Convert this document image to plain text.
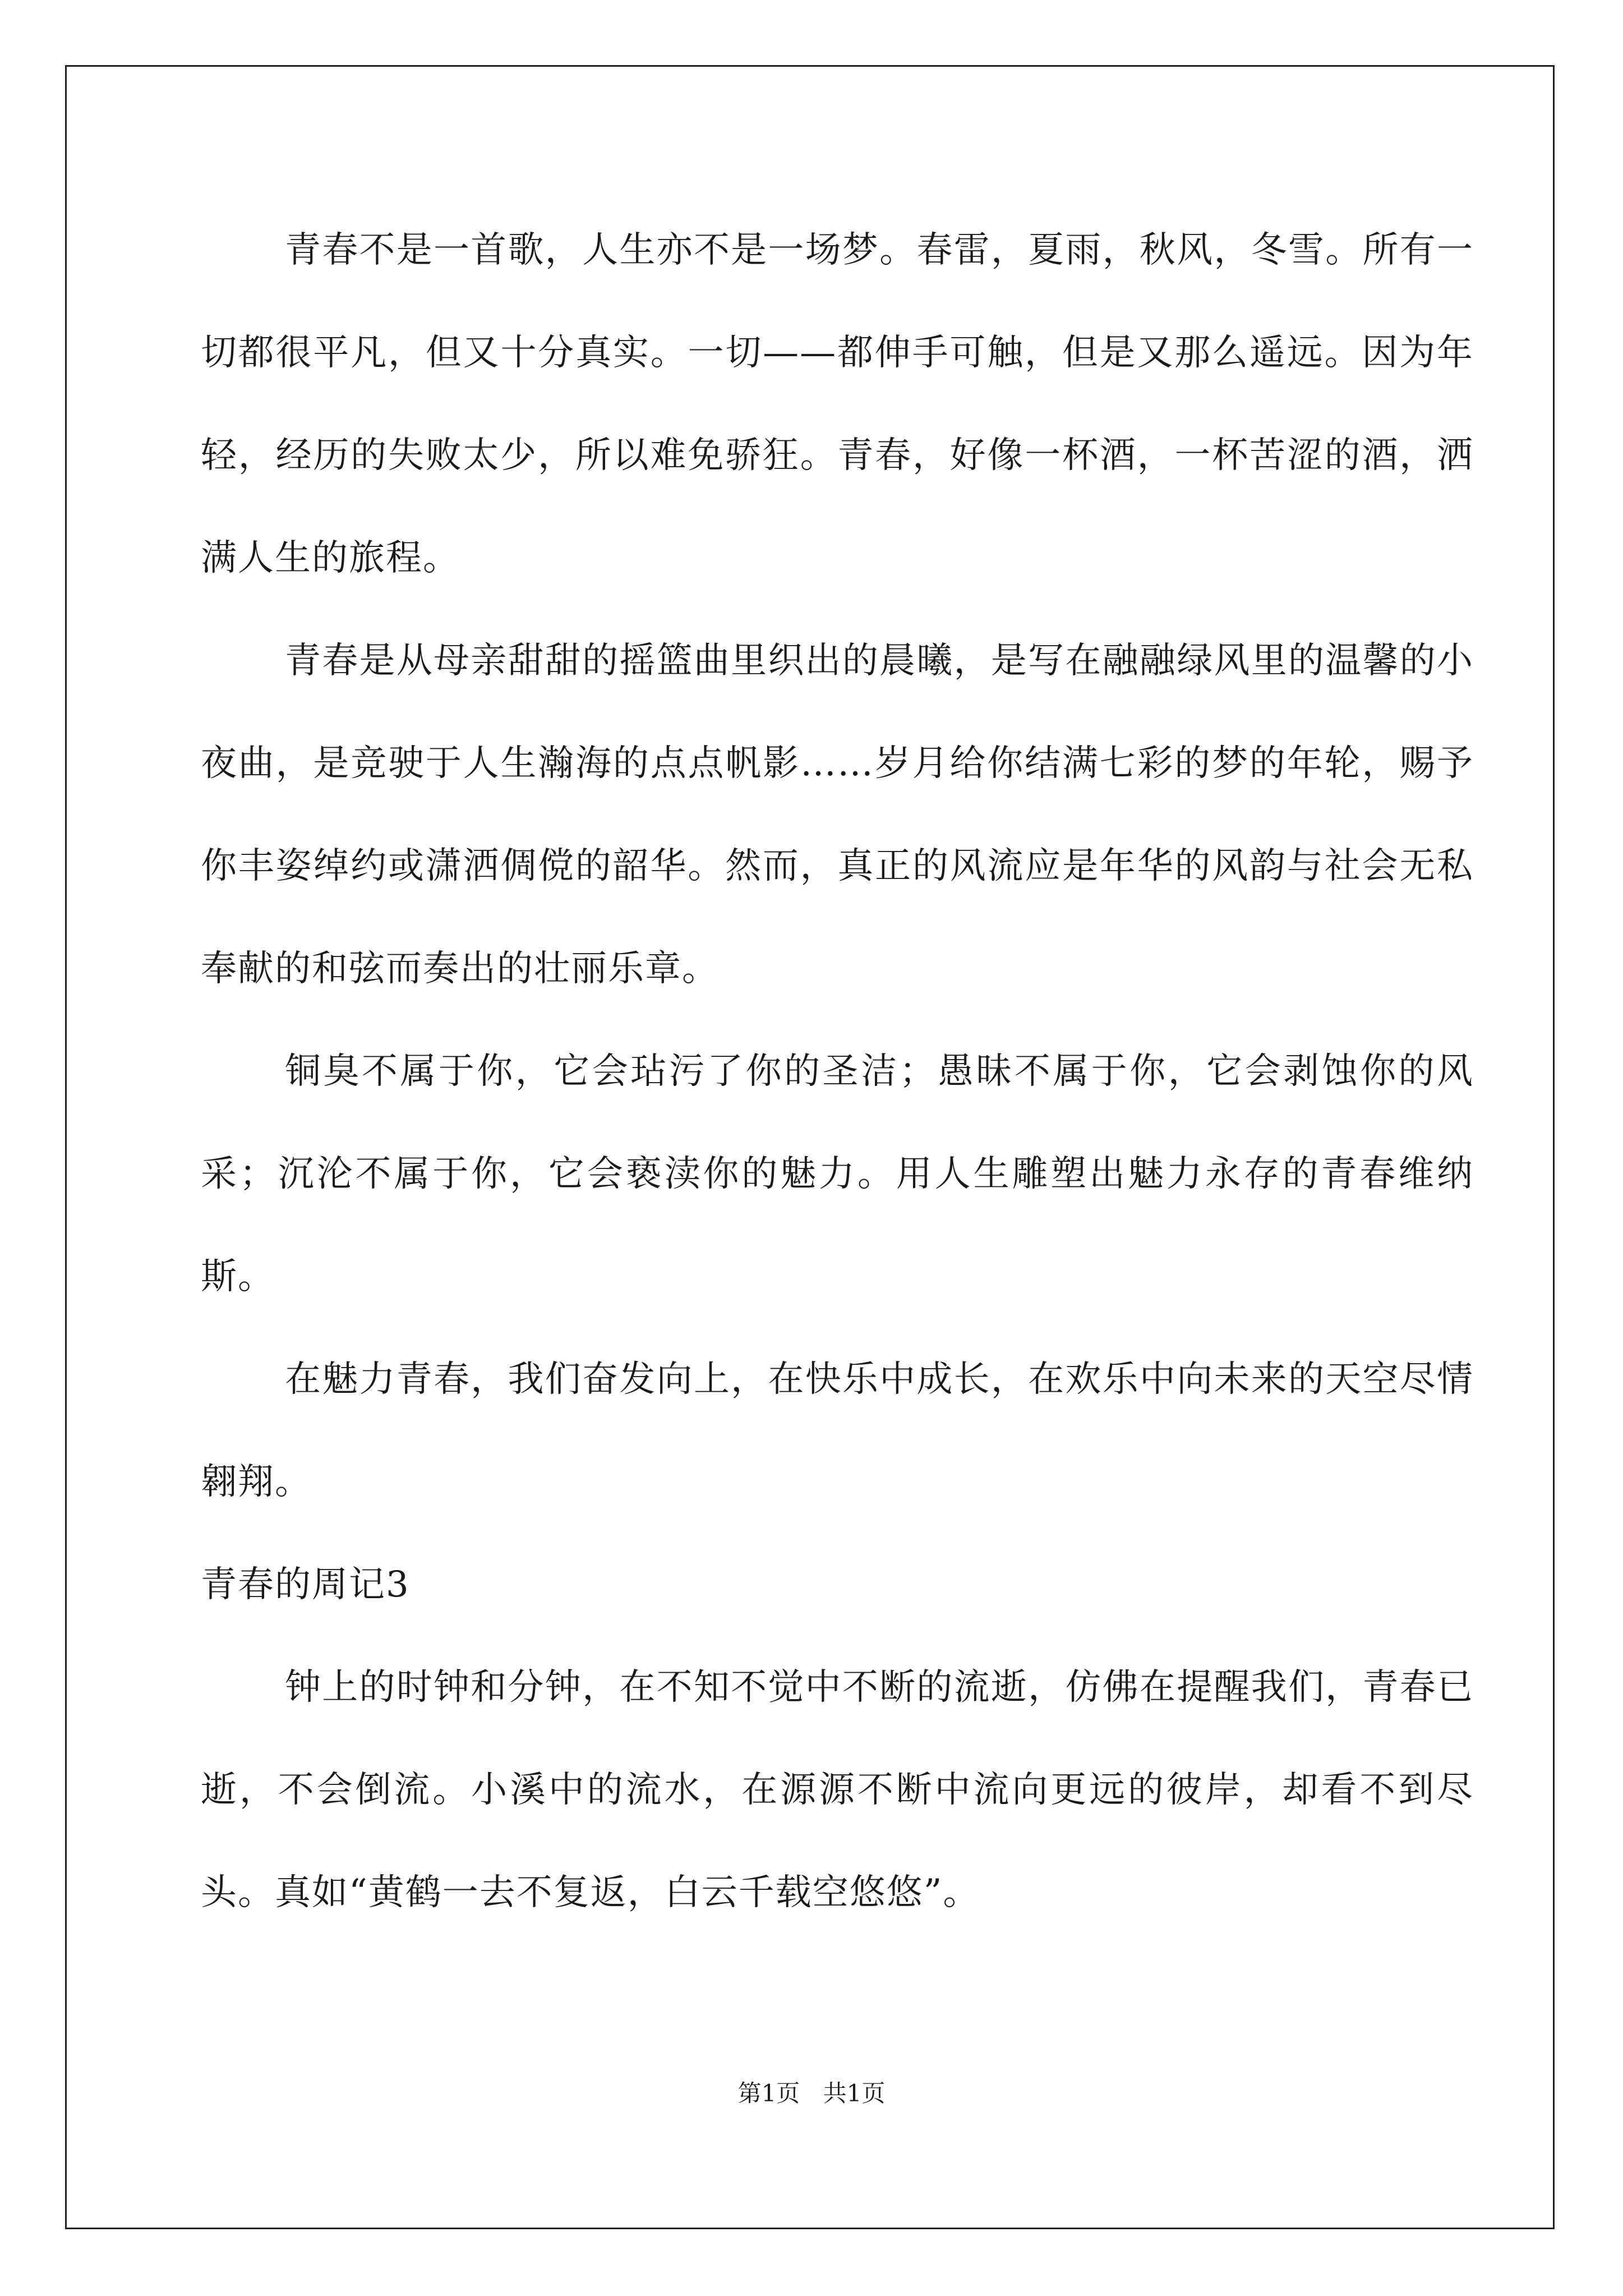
青春不是一首歌，人生亦不是一场梦。春雷，夏雨，秋风，冬雪。所有一切都很平凡，但又十分真实。一切——都伸手可触，但是又那么遥远。因为年轻，经历的失败太少，所以难免骄狂。青春，好像一杯酒，一杯苦涩的酒，洒满人生的旅程。

青春是从母亲甜甜的摇篮曲里织出的晨曦，是写在融融绿风里的温馨的小夜曲，是竞驶于人生瀚海的点点帆影……岁月给你结满七彩的梦的年轮，赐予你丰姿绰约或潇洒倜傥的韶华。然而，真正的风流应是年华的风韵与社会无私奉献的和弦而奏出的壮丽乐章。

铜臭不属于你，它会玷污了你的圣洁；愚昧不属于你，它会剥蚀你的风采；沉沦不属于你，它会亵渎你的魅力。用人生雕塑出魅力永存的青春维纳斯。

在魅力青春，我们奋发向上，在快乐中成长，在欢乐中向未来的天空尽情翱翔。

青春的周记3

钟上的时钟和分钟，在不知不觉中不断的流逝，仿佛在提醒我们，青春已逝，不会倒流。小溪中的流水，在源源不断中流向更远的彼岸，却看不到尽头。真如“黄鹤一去不复返，白云千载空悠悠”。

第1页 共1页
